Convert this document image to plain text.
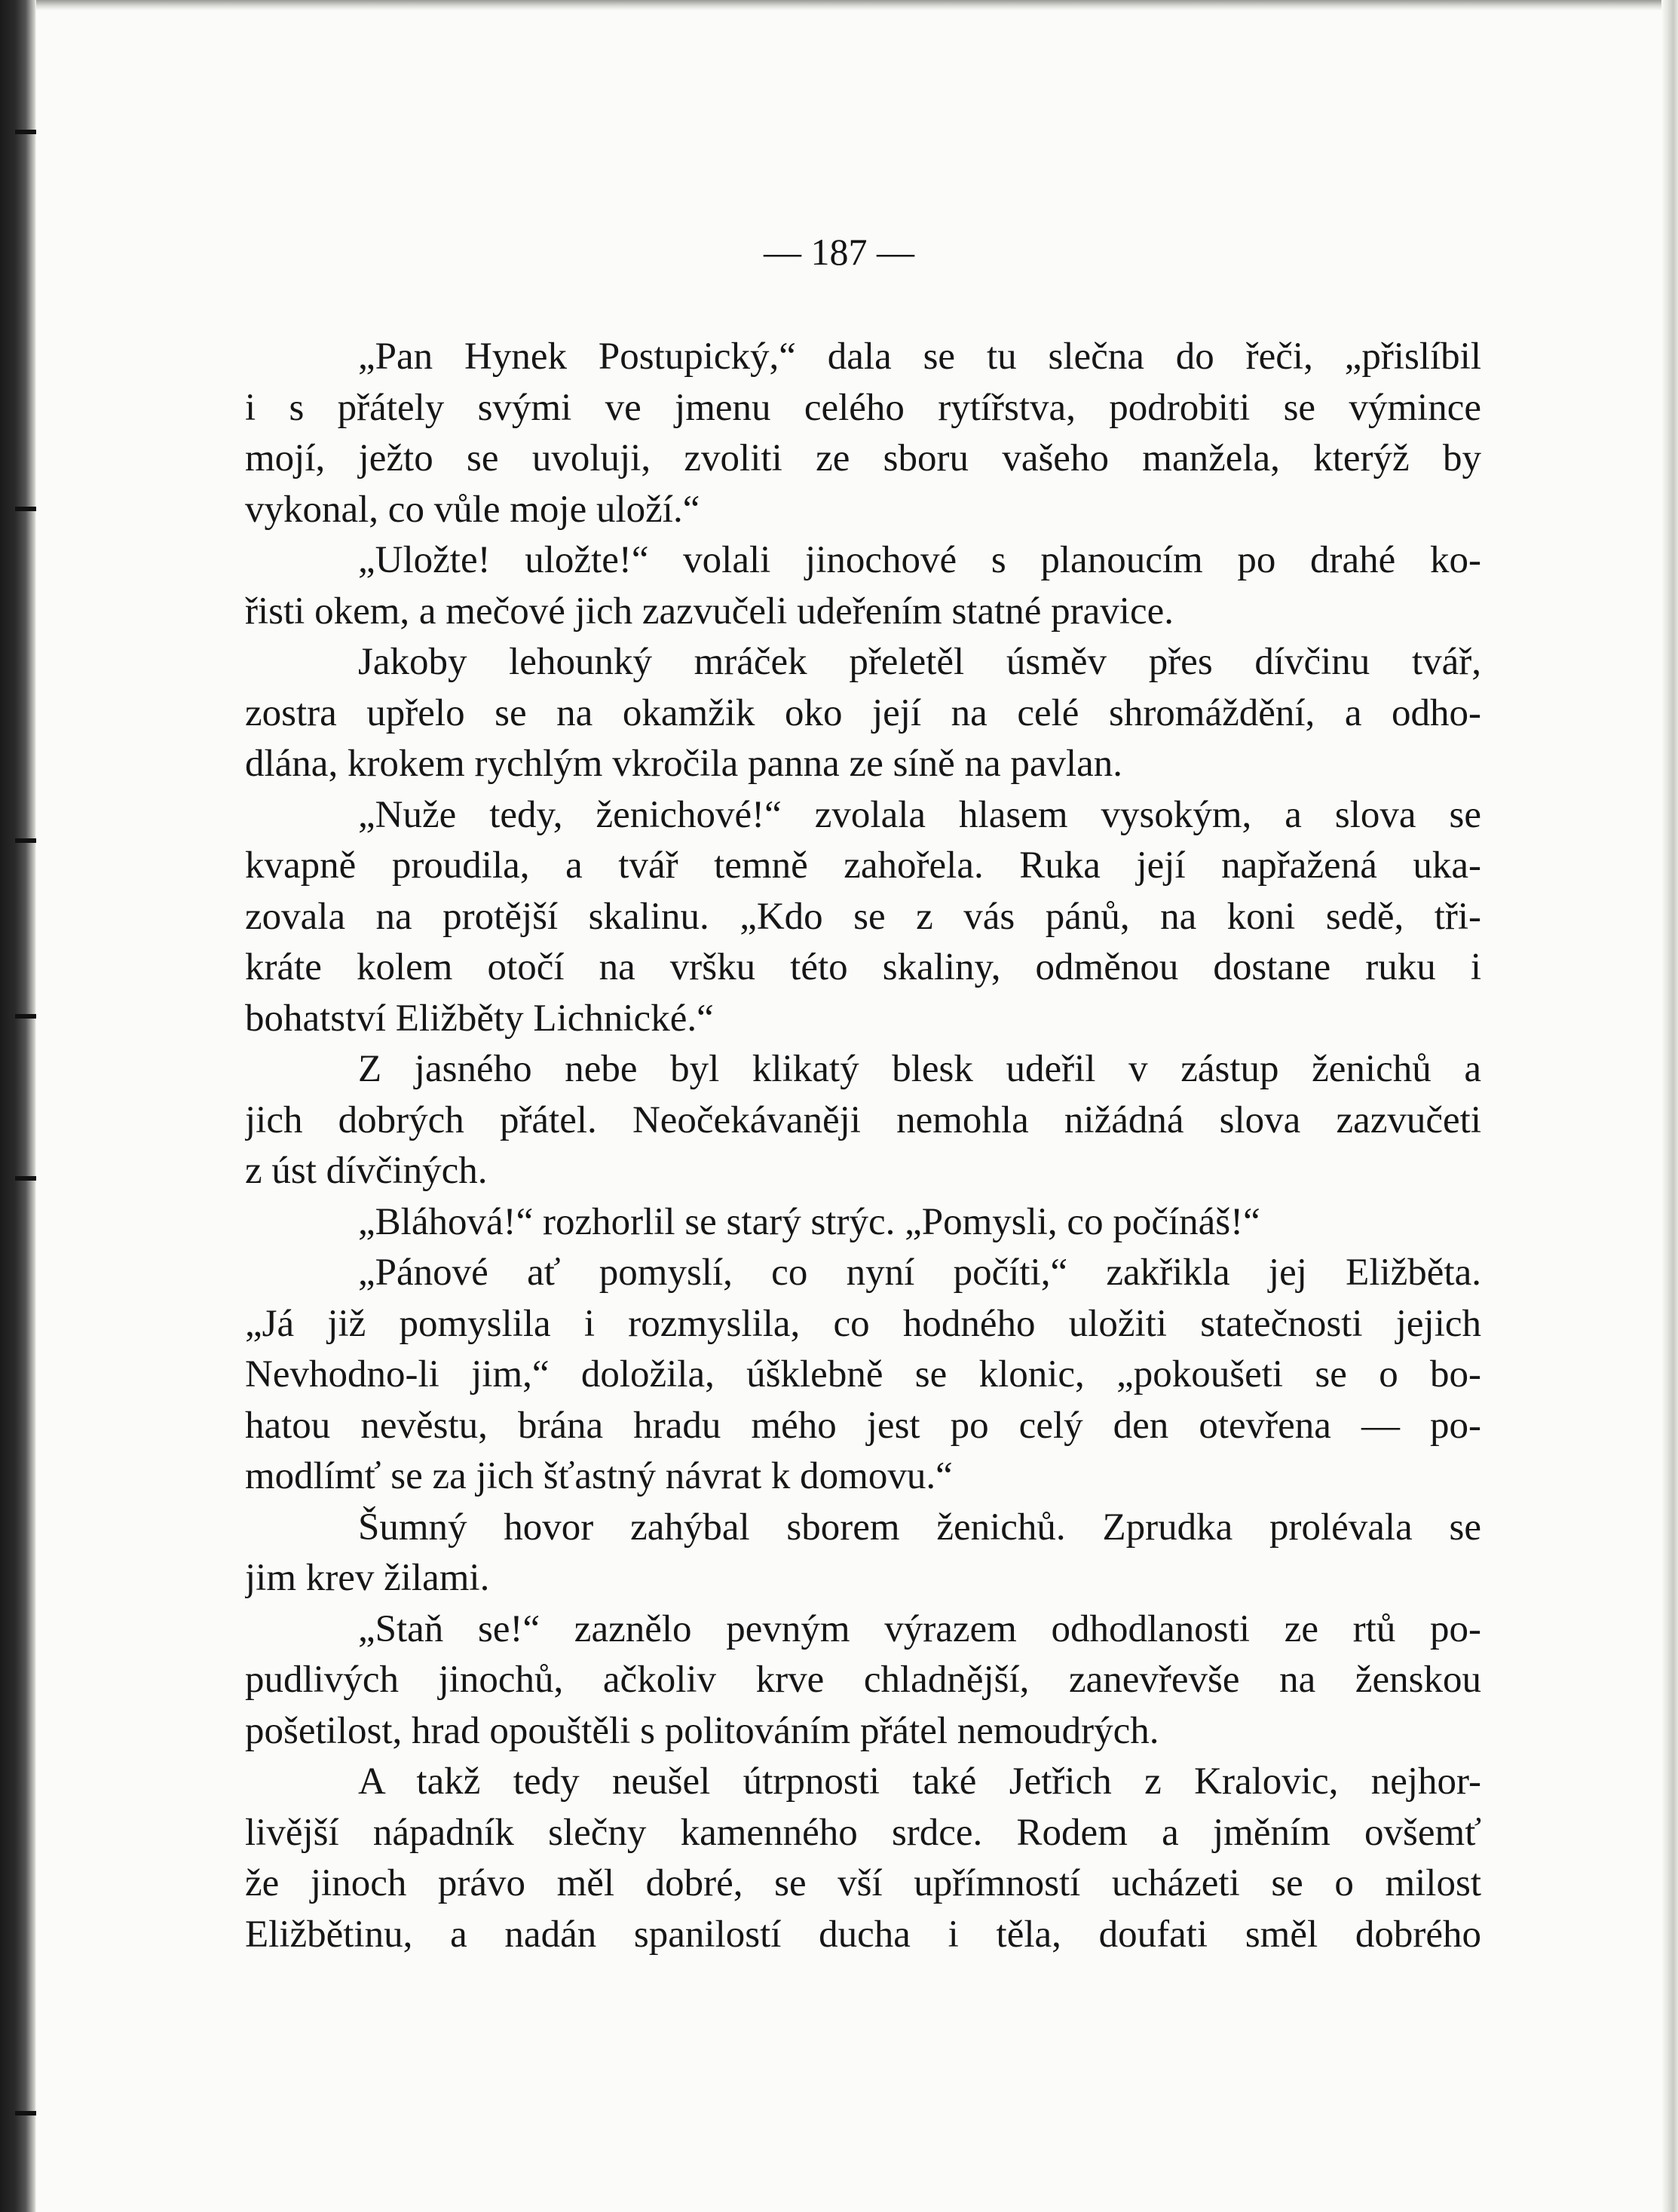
— 187 —

„Pan Hynek Postupický,“ dala se tu slečna do řeči, „přislíbil

i s přátely svými ve jmenu celého rytířstva, podrobiti se výmince

mojí, ježto se uvoluji, zvoliti ze sboru vašeho manžela, kterýž by

vykonal, co vůle moje uloží.“

„Uložte! uložte!“ volali jinochové s planoucím po drahé ko-

řisti okem, a mečové jich zazvučeli udeřením statné pravice.

Jakoby lehounký mráček přeletěl úsměv přes dívčinu tvář,

zostra upřelo se na okamžik oko její na celé shromáždění, a odho-

dlána, krokem rychlým vkročila panna ze síně na pavlan.

„Nuže tedy, ženichové!“ zvolala hlasem vysokým, a slova se

kvapně proudila, a tvář temně zahořela. Ruka její napřažená uka-

zovala na protější skalinu. „Kdo se z vás pánů, na koni sedě, tři-

kráte kolem otočí na vršku této skaliny, odměnou dostane ruku i

bohatství Eližběty Lichnické.“

Z jasného nebe byl klikatý blesk udeřil v zástup ženichů a

jich dobrých přátel. Neočekávaněji nemohla nižádná slova zazvučeti

z úst dívčiných.

„Bláhová!“ rozhorlil se starý strýc. „Pomysli, co počínáš!“

„Pánové ať pomyslí, co nyní počíti,“ zakřikla jej Eližběta.

„Já již pomyslila i rozmyslila, co hodného uložiti statečnosti jejich

Nevhodno-li jim,“ doložila, úšklebně se klonic, „pokoušeti se o bo-

hatou nevěstu, brána hradu mého jest po celý den otevřena — po-

modlímť se za jich šťastný návrat k domovu.“

Šumný hovor zahýbal sborem ženichů. Zprudka prolévala se

jim krev žilami.

„Staň se!“ zaznělo pevným výrazem odhodlanosti ze rtů po-

pudlivých jinochů, ačkoliv krve chladnější, zanevřevše na ženskou

pošetilost, hrad opouštěli s politováním přátel nemoudrých.

A takž tedy neušel útrpnosti také Jetřich z Kralovic, nejhor-

livější nápadník slečny kamenného srdce. Rodem a jměním ovšemť

že jinoch právo měl dobré, se vší upřímností ucházeti se o milost

Eližbětinu, a nadán spanilostí ducha i těla, doufati směl dobrého
